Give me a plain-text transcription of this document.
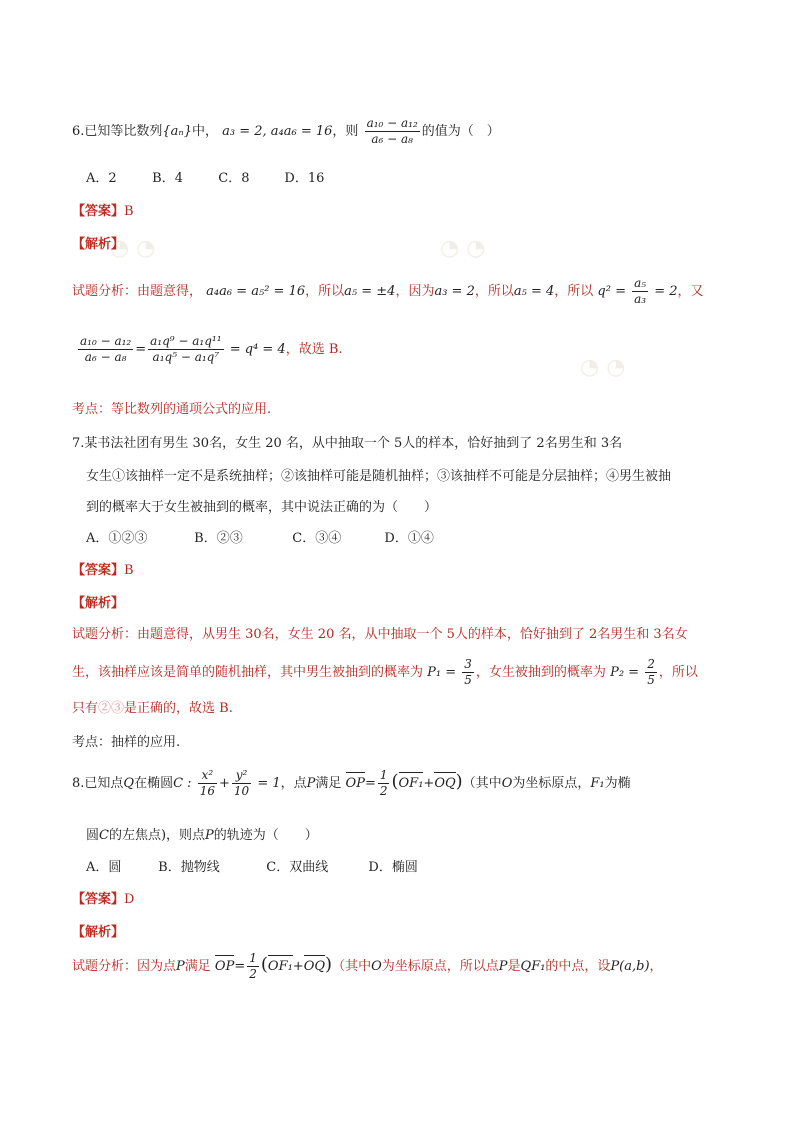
◔ ◔	◔ ◔
◔ ◔
6.已知等比数列{aₙ}中， a₃ = 2, a₄a₆ = 16，则 $\frac{\text{a₁₀ − a₁₂}}{\text{a₆ − a₈}}$ 的值为（　）
A．2	B．4	C．8	D．16
【答案】B
【解析】
试题分析：由题意得， a₄a₆ = a₅² = 16，所以a₅ = ±4，因为a₃ = 2，所以a₅ = 4，所以 $q^2 = \frac{\text{a₅}}{\text{a₃}} = 2$，又
$\frac{\text{a₁₀ − a₁₂}}{\text{a₆ − a₈}} = \frac{\text{a₁q⁹ − a₁q¹¹}}{\text{a₁q⁵ − a₁q⁷}} = q^4 = 4$，故选 B.
考点：等比数列的通项公式的应用.
7.某书法社团有男生 30名，女生 20 名，从中抽取一个 5人的样本，恰好抽到了 2名男生和 3名
女生①该抽样一定不是系统抽样；②该抽样可能是随机抽样；③该抽样不可能是分层抽样；④男生被抽
到的概率大于女生被抽到的概率，其中说法正确的为（　　）
A．①②③	B．②③	C．③④	D．①④
【答案】B
【解析】
试题分析：由题意得，从男生 30名，女生 20 名，从中抽取一个 5人的样本，恰好抽到了 2名男生和 3名女
生，该抽样应该是简单的随机抽样，其中男生被抽到的概率为 $P_1 = \frac{3}{5}$ ，女生被抽到的概率为 $P_2 = \frac{2}{5}$ ，所以
只有②③是正确的，故选 B.
考点：抽样的应用.
8.已知点Q在椭圆C : $\frac{\text{x²}}{16} + \frac{\text{y²}}{10} = 1$，点P满足 $OP= \frac{1}{2} (OF_1+OQ)$（其中O为坐标原点，F₁为椭
圆C的左焦点)，则点P的轨迹为（　　）
A．圆	B．抛物线	C．双曲线	D．椭圆
【答案】D
【解析】
试题分析：因为点P满足 $OP= \frac{1}{2} (OF_1+OQ)$（其中O为坐标原点，所以点P是QF₁的中点，设P(a,b)，
